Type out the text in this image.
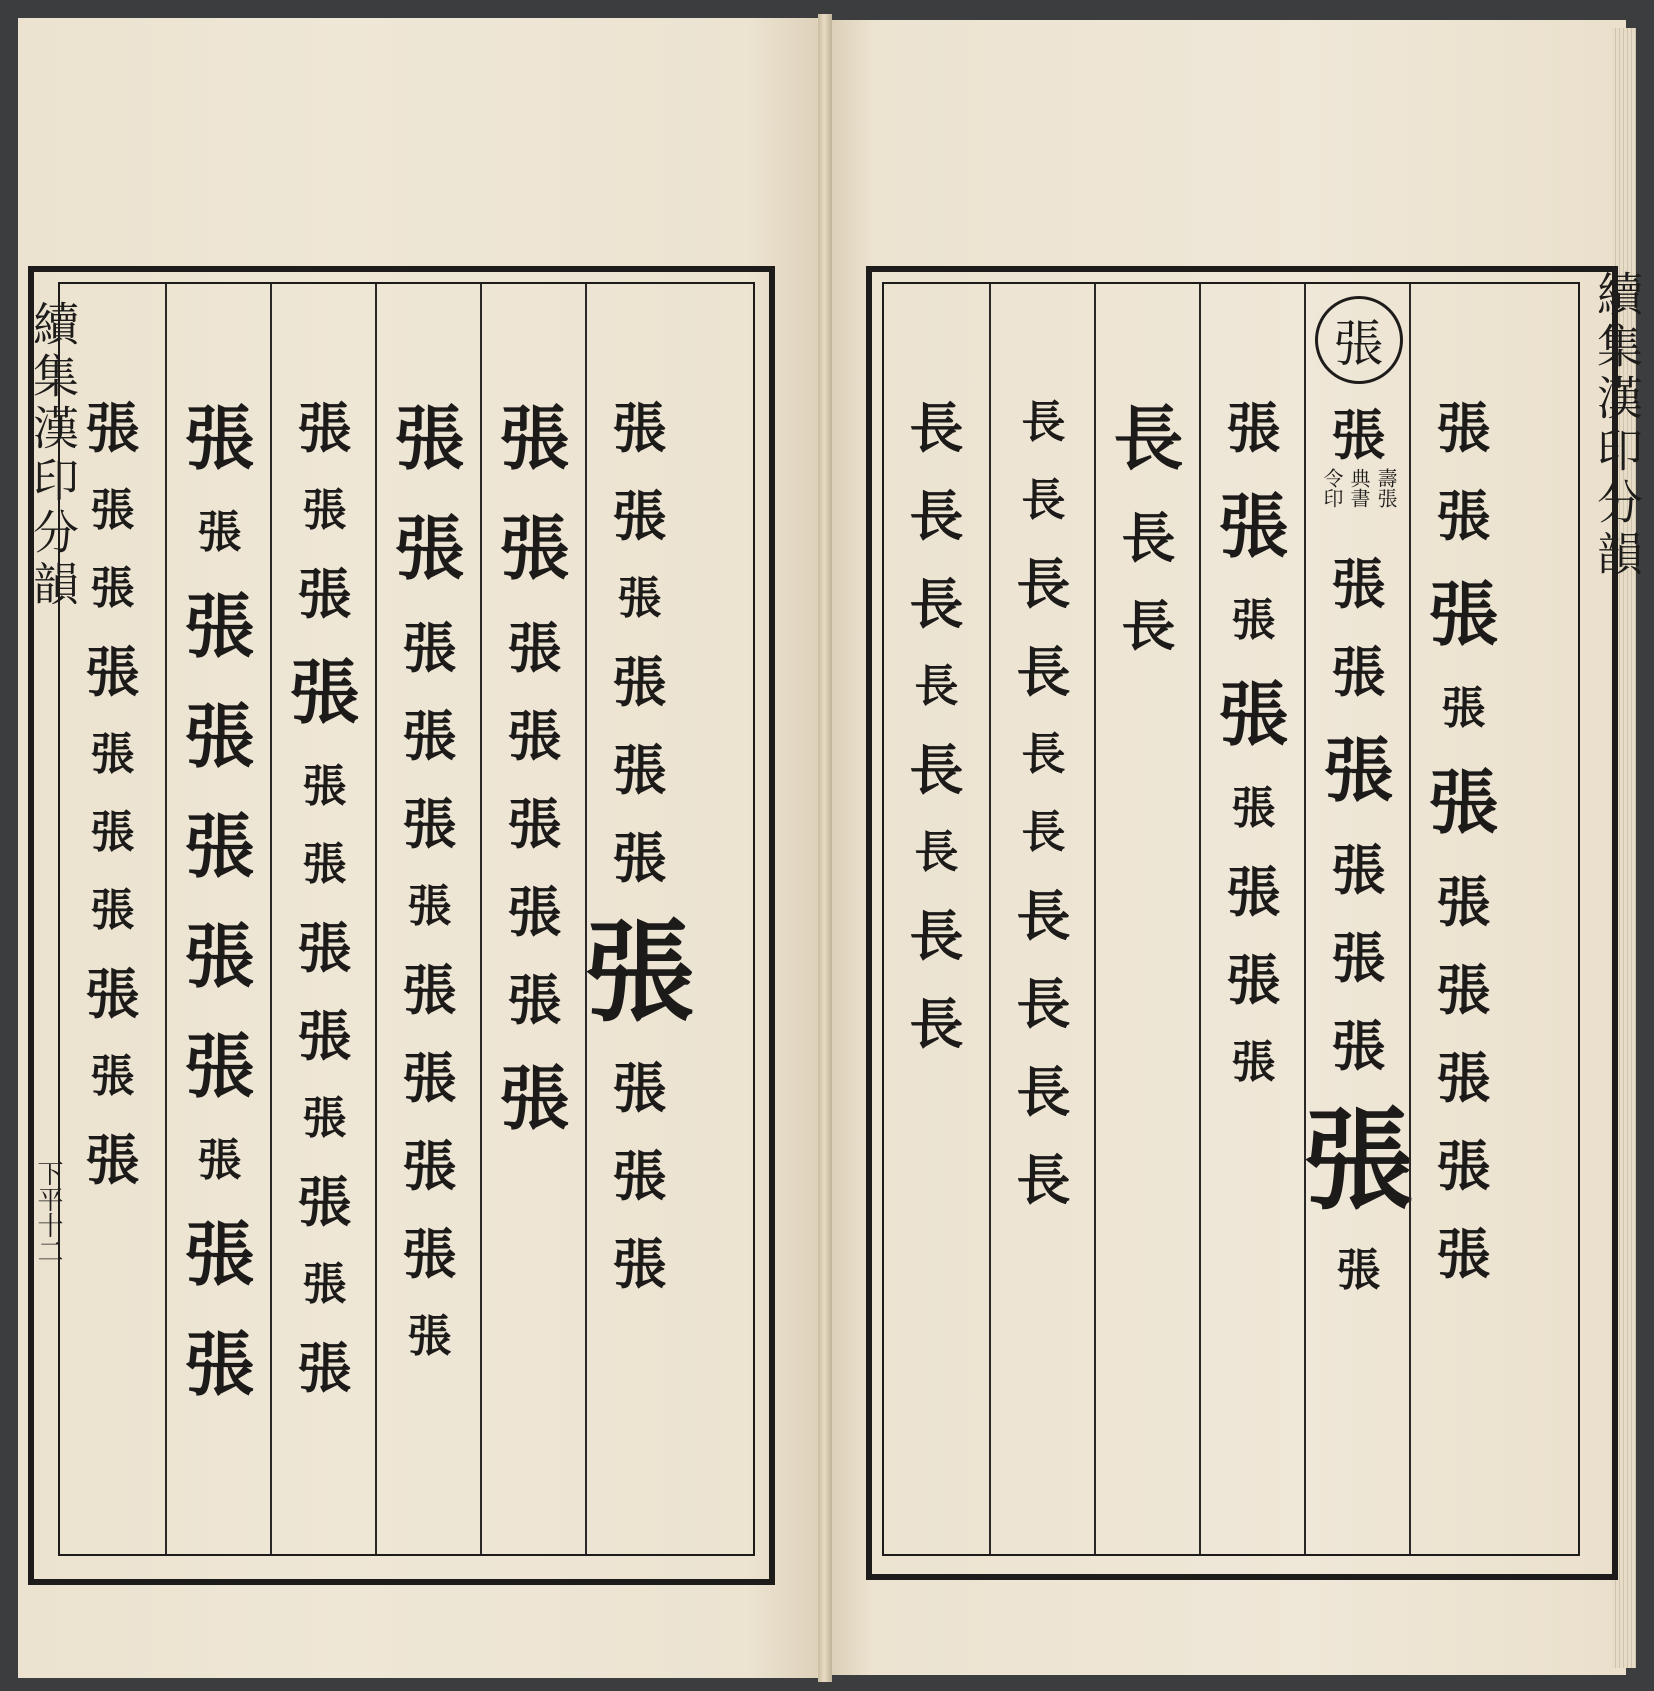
張
張
張
張
張
張
張
張
張
張
張
張
張
張
張
張
張
張
張
張
張
張
張
張
張
張
張
張
張
張
張
張
張
張
張
張
張
張
張
張
張
張
張
張
張
張
張
張
張
張
張
張
張
張
張
張
張
張
張
張
張
續集漢印分韻
下平十二
長
長
長
長
長
長
長
長
長
長
長
長
長
長
長
長
長
長
長
長
長
張
張
張
張
張
張
張
張
張
張
令印 典書 壽張
張
張
張
張
張
張
張
張
張
張
張
張
張
張
張
張
張
張
續集漢印分韻
